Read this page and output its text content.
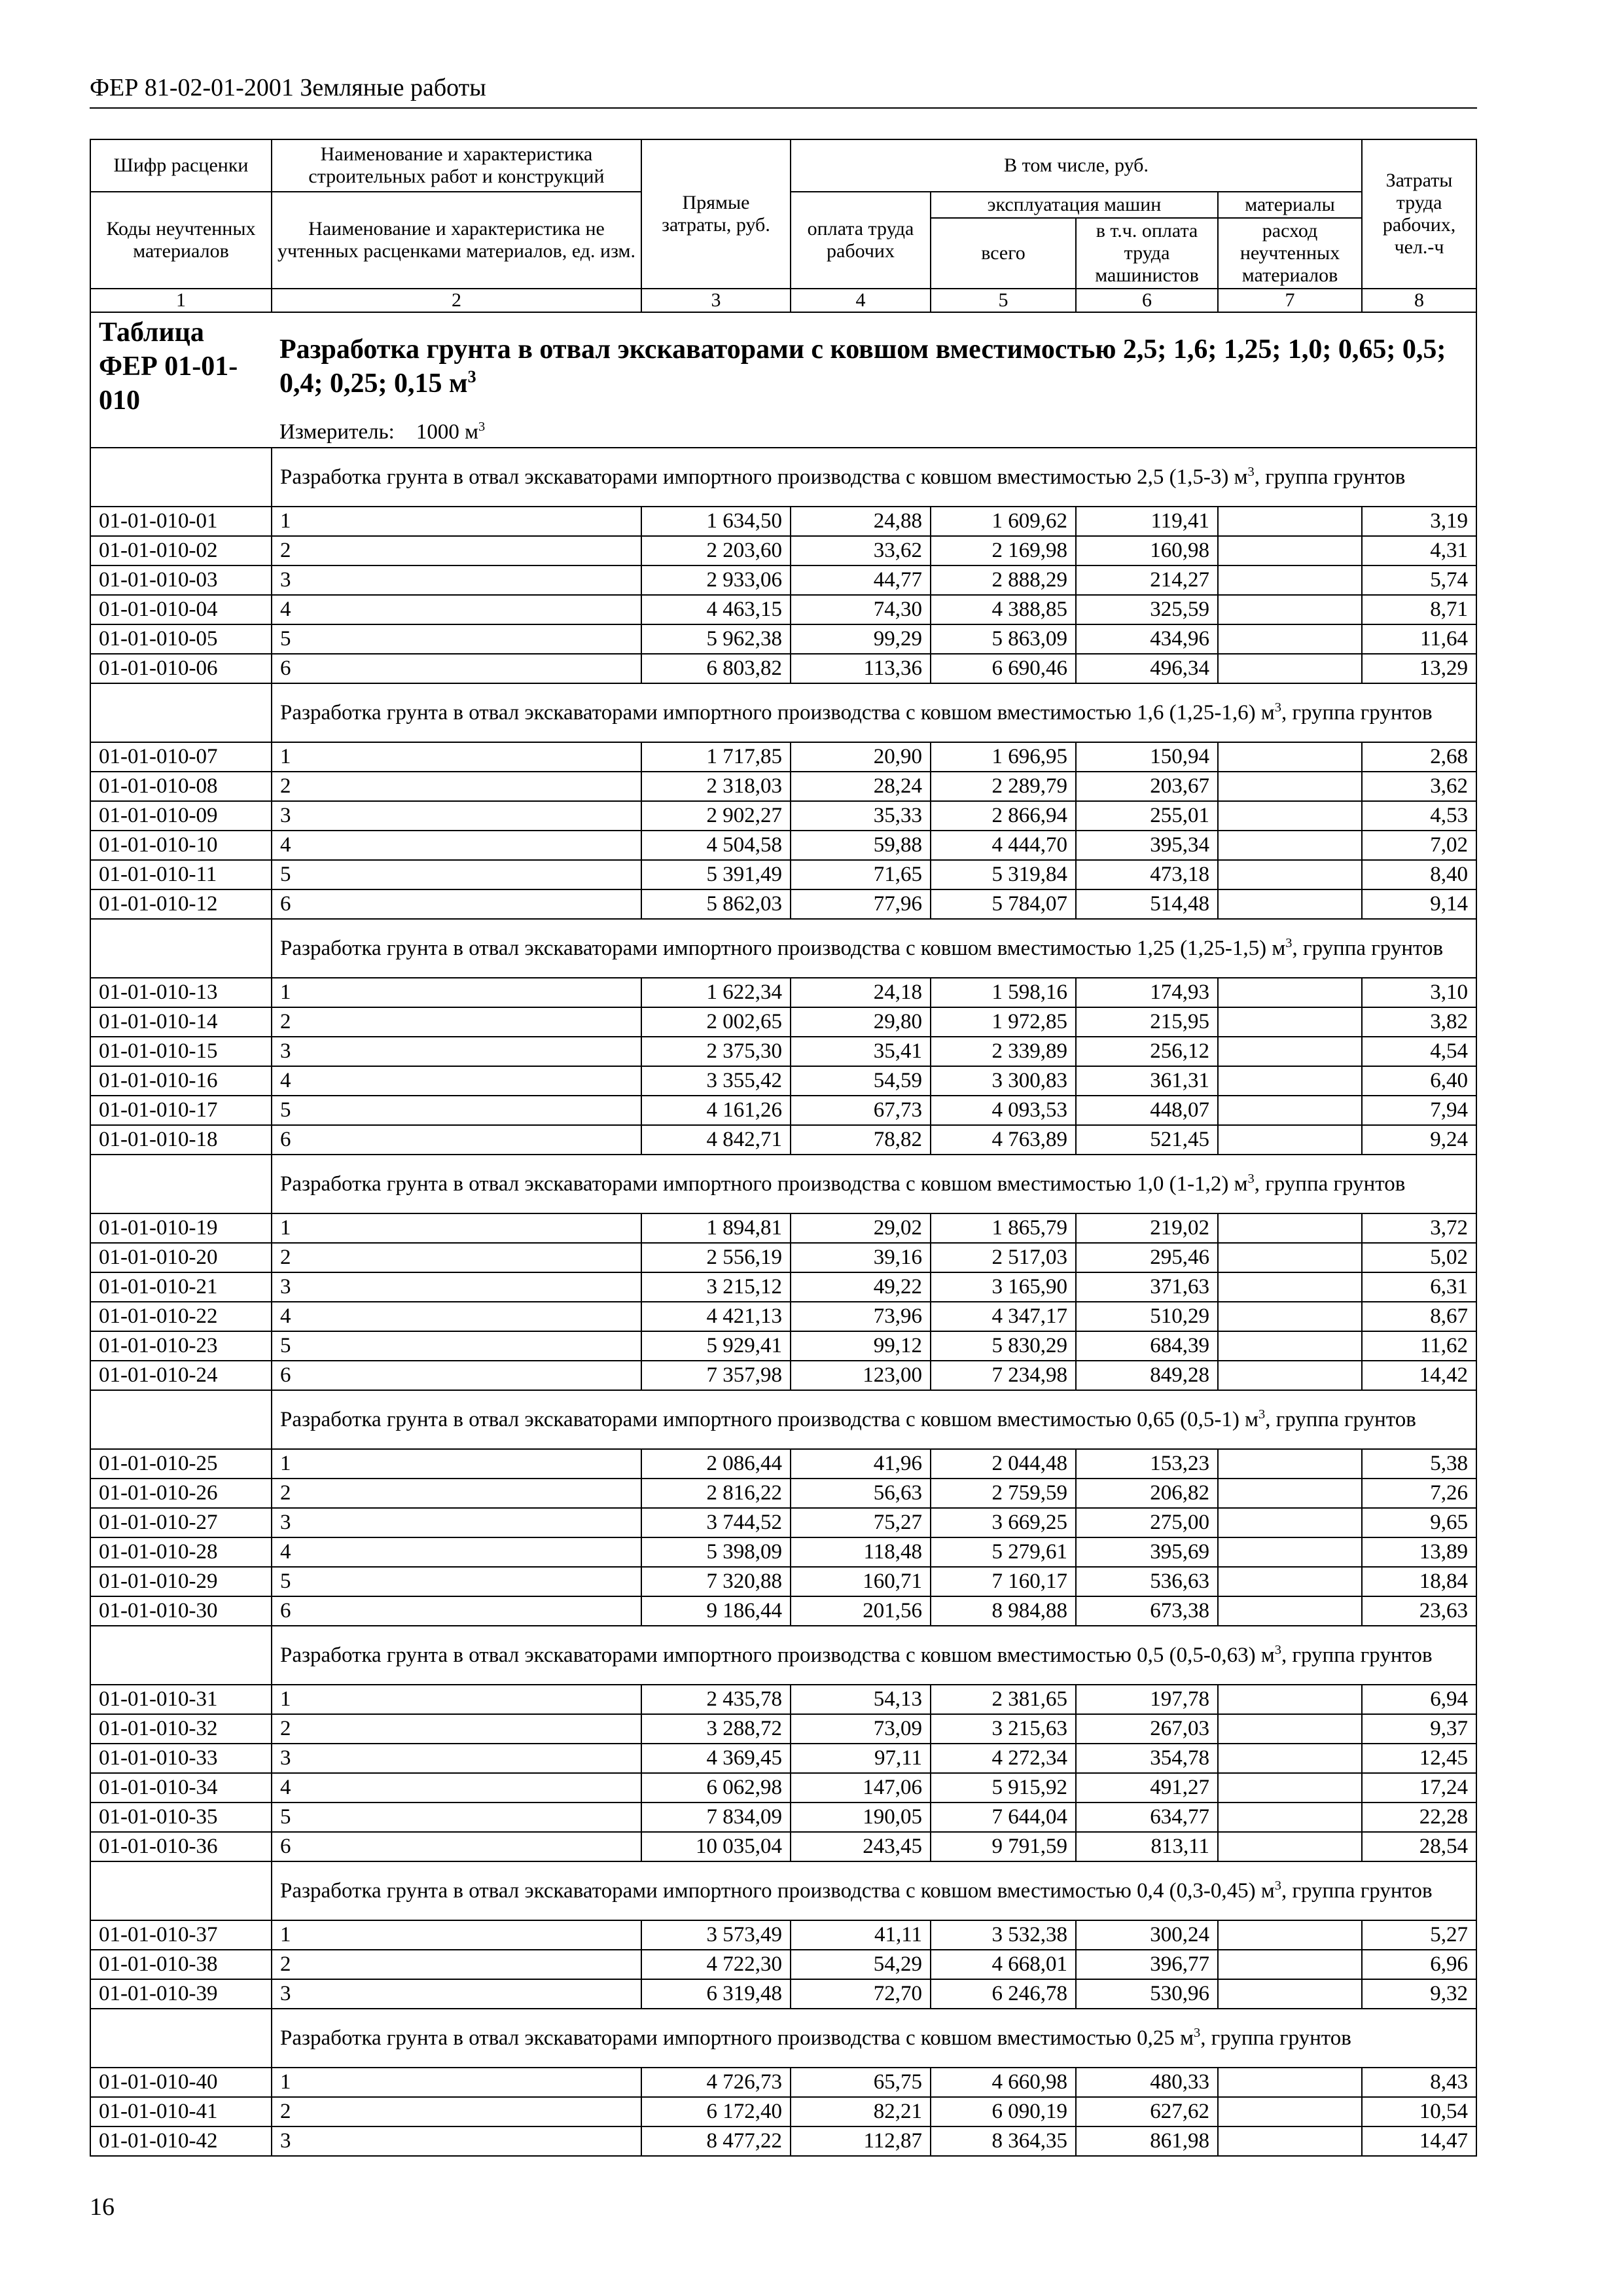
ФЕР 81-02-01-2001 Земляные работы
Шифр расценки	Наименование и характеристика строительных работ и конструкций	Прямые затраты, руб.	В том числе, руб.				Затраты труда рабочих, чел.-ч
Коды неучтенных материалов	Наименование и характеристика не учтенных расценками материалов, ед. изм.		оплата труда рабочих	эксплуатация машин		материалы	
				всего	в т.ч. оплата труда машинистов	расход неучтенных материалов	
1	2	3	4	5	6	7	8
Таблица ФЕР 01-01-010	Разработка грунта в отвал экскаваторами с ковшом вместимостью 2,5; 1,6; 1,25; 1,0; 0,65; 0,5; 0,4; 0,25; 0,15 $м^3$
	Измеритель: 1000 $м^3$
	Разработка грунта в отвал экскаваторами импортного производства с ковшом вместимостью 2,5 (1,5-3) $м^3$, группа грунтов						
01-01-010-01	1	1 634,50	24,88	1 609,62	119,41		3,19
01-01-010-02	2	2 203,60	33,62	2 169,98	160,98		4,31
01-01-010-03	3	2 933,06	44,77	2 888,29	214,27		5,74
01-01-010-04	4	4 463,15	74,30	4 388,85	325,59		8,71
01-01-010-05	5	5 962,38	99,29	5 863,09	434,96		11,64
01-01-010-06	6	6 803,82	113,36	6 690,46	496,34		13,29
	Разработка грунта в отвал экскаваторами импортного производства с ковшом вместимостью 1,6 (1,25-1,6) $м^3$, группа грунтов						
01-01-010-07	1	1 717,85	20,90	1 696,95	150,94		2,68
01-01-010-08	2	2 318,03	28,24	2 289,79	203,67		3,62
01-01-010-09	3	2 902,27	35,33	2 866,94	255,01		4,53
01-01-010-10	4	4 504,58	59,88	4 444,70	395,34		7,02
01-01-010-11	5	5 391,49	71,65	5 319,84	473,18		8,40
01-01-010-12	6	5 862,03	77,96	5 784,07	514,48		9,14
	Разработка грунта в отвал экскаваторами импортного производства с ковшом вместимостью 1,25 (1,25-1,5) $м^3$, группа грунтов						
01-01-010-13	1	1 622,34	24,18	1 598,16	174,93		3,10
01-01-010-14	2	2 002,65	29,80	1 972,85	215,95		3,82
01-01-010-15	3	2 375,30	35,41	2 339,89	256,12		4,54
01-01-010-16	4	3 355,42	54,59	3 300,83	361,31		6,40
01-01-010-17	5	4 161,26	67,73	4 093,53	448,07		7,94
01-01-010-18	6	4 842,71	78,82	4 763,89	521,45		9,24
	Разработка грунта в отвал экскаваторами импортного производства с ковшом вместимостью 1,0 (1-1,2) $м^3$, группа грунтов						
01-01-010-19	1	1 894,81	29,02	1 865,79	219,02		3,72
01-01-010-20	2	2 556,19	39,16	2 517,03	295,46		5,02
01-01-010-21	3	3 215,12	49,22	3 165,90	371,63		6,31
01-01-010-22	4	4 421,13	73,96	4 347,17	510,29		8,67
01-01-010-23	5	5 929,41	99,12	5 830,29	684,39		11,62
01-01-010-24	6	7 357,98	123,00	7 234,98	849,28		14,42
	Разработка грунта в отвал экскаваторами импортного производства с ковшом вместимостью 0,65 (0,5-1) $м^3$, группа грунтов						
01-01-010-25	1	2 086,44	41,96	2 044,48	153,23		5,38
01-01-010-26	2	2 816,22	56,63	2 759,59	206,82		7,26
01-01-010-27	3	3 744,52	75,27	3 669,25	275,00		9,65
01-01-010-28	4	5 398,09	118,48	5 279,61	395,69		13,89
01-01-010-29	5	7 320,88	160,71	7 160,17	536,63		18,84
01-01-010-30	6	9 186,44	201,56	8 984,88	673,38		23,63
	Разработка грунта в отвал экскаваторами импортного производства с ковшом вместимостью 0,5 (0,5-0,63) $м^3$, группа грунтов						
01-01-010-31	1	2 435,78	54,13	2 381,65	197,78		6,94
01-01-010-32	2	3 288,72	73,09	3 215,63	267,03		9,37
01-01-010-33	3	4 369,45	97,11	4 272,34	354,78		12,45
01-01-010-34	4	6 062,98	147,06	5 915,92	491,27		17,24
01-01-010-35	5	7 834,09	190,05	7 644,04	634,77		22,28
01-01-010-36	6	10 035,04	243,45	9 791,59	813,11		28,54
	Разработка грунта в отвал экскаваторами импортного производства с ковшом вместимостью 0,4 (0,3-0,45) $м^3$, группа грунтов						
01-01-010-37	1	3 573,49	41,11	3 532,38	300,24		5,27
01-01-010-38	2	4 722,30	54,29	4 668,01	396,77		6,96
01-01-010-39	3	6 319,48	72,70	6 246,78	530,96		9,32
	Разработка грунта в отвал экскаваторами импортного производства с ковшом вместимостью 0,25 $м^3$, группа грунтов						
01-01-010-40	1	4 726,73	65,75	4 660,98	480,33		8,43
01-01-010-41	2	6 172,40	82,21	6 090,19	627,62		10,54
01-01-010-42	3	8 477,22	112,87	8 364,35	861,98		14,47
16
